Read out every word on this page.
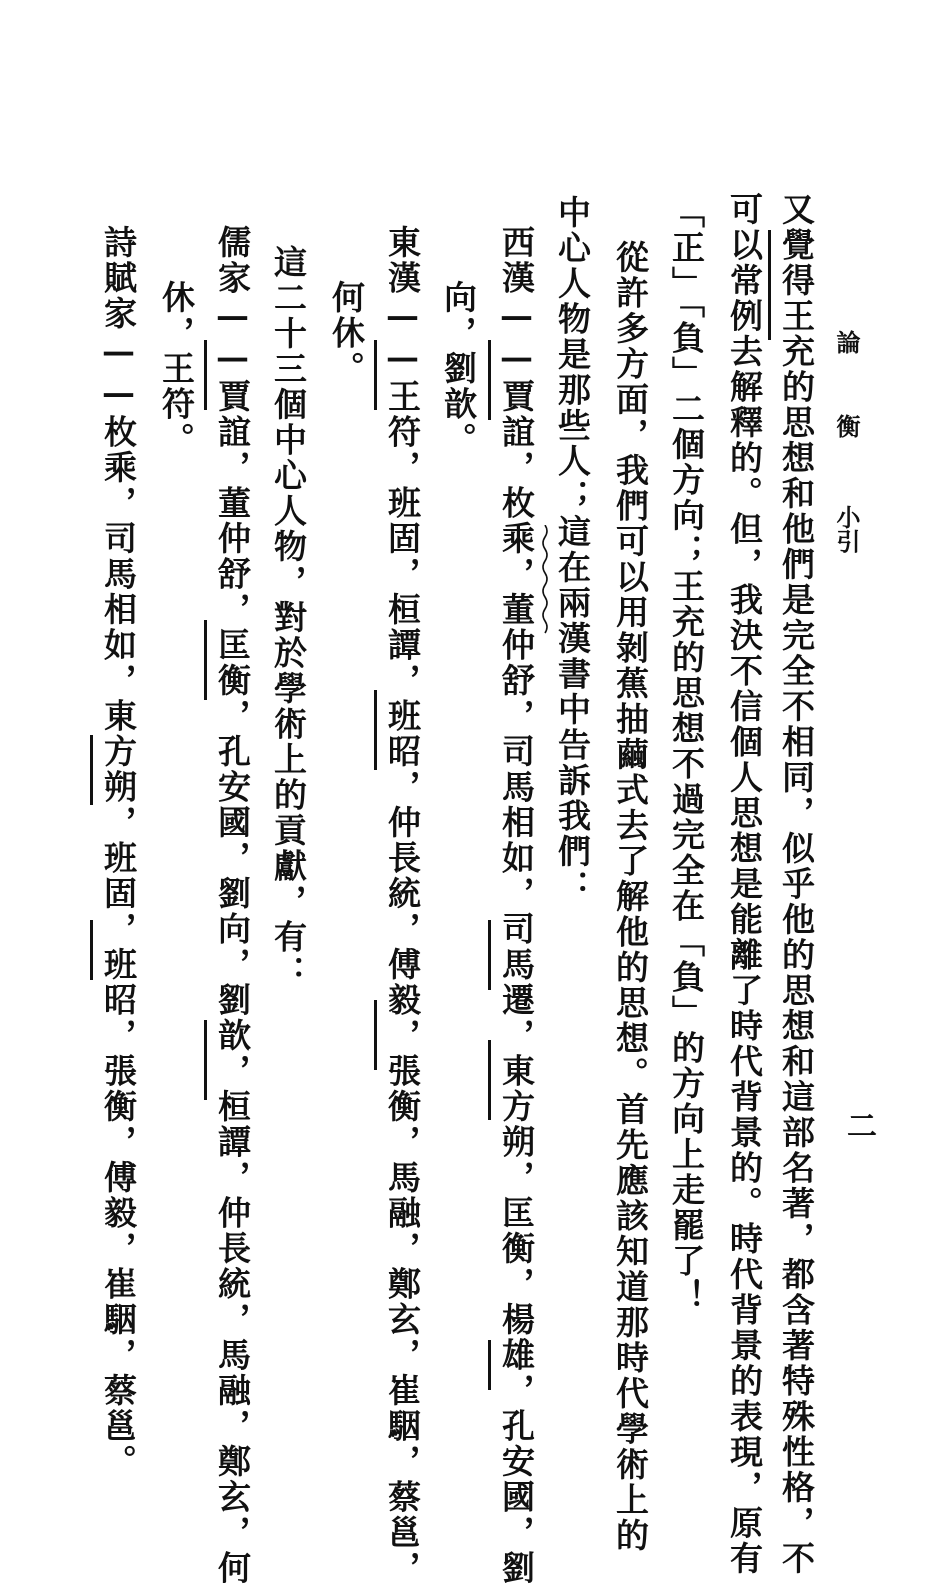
論衡
小引
二
又覺得王充的思想和他們是完全不相同，似乎他的思想和這部名著，都含著特殊性格，不
可以常例去解釋的。但，我決不信個人思想是能離了時代背景的。時代背景的表現，原有
「正」「負」二個方向；王充的思想不過完全在「負」的方向上走罷了！
從許多方面，我們可以用剝蕉抽繭式去了解他的思想。首先應該知道那時代學術上的
中心人物是那些人；這在兩漢書中告訴我們：
西漢——賈誼，枚乘，董仲舒，司馬相如，司馬遷，東方朔，匡衡，楊雄，孔安國，劉
向，劉歆。
東漢——王符，班固，桓譚，班昭，仲長統，傅毅，張衡，馬融，鄭玄，崔駰，蔡邕，
何休。
這二十三個中心人物，對於學術上的貢獻，有：
儒家——賈誼，董仲舒，匡衡，孔安國，劉向，劉歆，桓譚，仲長統，馬融，鄭玄，何
休，王符。
詩賦家——枚乘，司馬相如，東方朔，班固，班昭，張衡，傅毅，崔駰，蔡邕。
